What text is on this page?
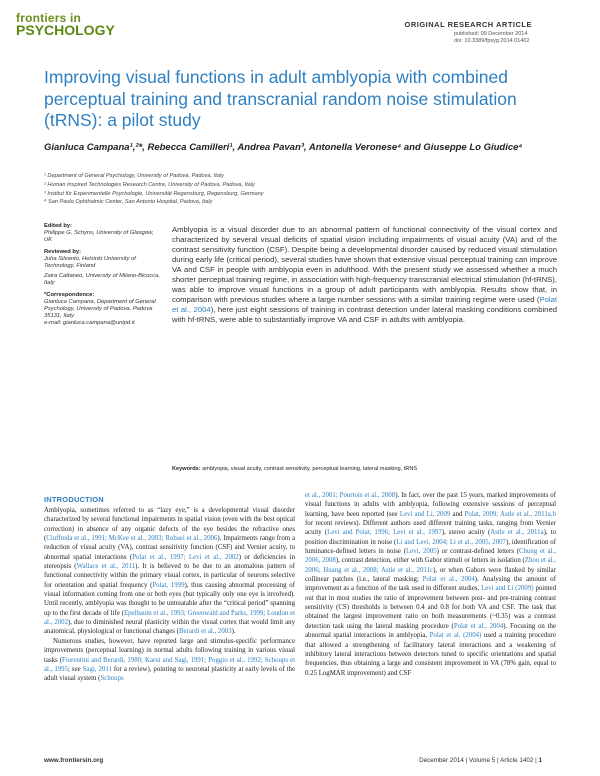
frontiers in
PSYCHOLOGY	ORIGINAL RESEARCH ARTICLE
published: 09 December 2014
doi: 10.3389/fpsyg.2014.01402
Improving visual functions in adult amblyopia with combined perceptual training and transcranial random noise stimulation (tRNS): a pilot study
Gianluca Campana¹,²*, Rebecca Camilleri¹, Andrea Pavan³, Antonella Veronese⁴ and Giuseppe Lo Giudice⁴
¹ Department of General Psychology, University of Padova, Padova, Italy
² Human Inspired Technologies Research Centre, University of Padova, Padova, Italy
³ Institut für Experimentelle Psychologie, Universität Regensburg, Regensburg, Germany
⁴ San Paolo Ophthalmic Center, San Antonio Hospital, Padova, Italy
Edited by:

Philippe G. Schyns, University of Glasgow, UK

Reviewed by:

Juha Silvanto, Helsinki University of Technology, Finland

Zaira Cattaneo, University of Milano-Bicocca, Italy

*Correspondence:

Gianluca Campana, Department of General Psychology, University of Padova, Padova 35131, Italy

e-mail: gianluca.campana@unipd.it

Amblyopia is a visual disorder due to an abnormal pattern of functional connectivity of the visual cortex and characterized by several visual deficits of spatial vision including impairments of visual acuity (VA) and of the contrast sensitivity function (CSF). Despite being a developmental disorder caused by reduced visual stimulation during early life (critical period), several studies have shown that extensive visual perceptual training can improve VA and CSF in people with amblyopia even in adulthood. With the present study we assessed whether a much shorter perceptual training regime, in association with high-frequency transcranial electrical stimulation (hf-tRNS), was able to improve visual functions in a group of adult participants with amblyopia. Results show that, in comparison with previous studies where a large number sessions with a similar training regime were used (Polat et al., 2004), here just eight sessions of training in contrast detection under lateral masking conditions combined with hf-tRNS, were able to substantially improve VA and CSF in adults with amblyopia.
Keywords: amblyopia, visual acuity, contrast sensitivity, perceptual learning, lateral masking, tRNS
INTRODUCTION

Amblyopia, sometimes referred to as “lazy eye,” is a developmental visual disorder characterized by several functional impairments in spatial vision (even with the best optical correction) in absence of any organic defects of the eye besides the refractive ones (Ciuffreda et al., 1991; McKee et al., 2003; Robaei et al., 2006). Impairments range from a reduction of visual acuity (VA), contrast sensitivity function (CSF) and Vernier acuity, to abnormal spatial interactions (Polat et al., 1997; Levi et al., 2002) or deficiencies in stereopsis (Wallace et al., 2011). It is believed to be due to an anomalous pattern of functional connectivity within the primary visual cortex, in particular of neurons selective for orientation and spatial frequency (Polat, 1999), thus causing abnormal processing of visual information coming from one or both eyes (but typically only one eye is involved). Until recently, amblyopia was thought to be untreatable after the “critical period” spanning up to the first decade of life (Epelbaum et al., 1993; Greenwald and Parks, 1999; Loudon et al., 2002), due to diminished neural plasticity within the visual cortex that would limit any anatomical, physiological or functional changes (Berardi et al., 2003).

Numerous studies, however, have reported large and stimulus-specific performance improvements (perceptual learning) in normal adults following training in various visual tasks (Fiorentini and Berardi, 1980; Karni and Sagi, 1991; Poggio et al., 1992; Schoups et al., 1995; see Sagi, 2011 for a review), pointing to neuronal plasticity at early levels of the adult visual system (Schoups

et al., 2001; Pourtois et al., 2008). In fact, over the past 15 years, marked improvements of visual functions in adults with amblyopia, following extensive sessions of perceptual learning, have been reported (see Levi and Li, 2009 and Polat, 2009; Astle et al., 2011a,b for recent reviews). Different authors used different training tasks, ranging from Vernier acuity (Levi and Polat, 1996; Levi et al., 1997), stereo acuity (Astle et al., 2011a), to position discrimination in noise (Li and Levi, 2004; Li et al., 2005, 2007), identification of luminance-defined letters in noise (Levi, 2005) or contrast-defined letters (Chung et al., 2006, 2008), contrast detection, either with Gabor stimuli or letters in isolation (Zhou et al., 2006; Huang et al., 2008; Astle et al., 2011c), or when Gabors were flanked by similar collinear patches (i.e., lateral masking; Polat et al., 2004). Analysing the amount of improvement as a function of the task used in different studies, Levi and Li (2009) pointed out that in most studies the ratio of improvement between post- and pre-training contrast sensitivity (CS) thresholds is between 0.4 and 0.8 for both VA and CSF. The task that obtained the largest improvement ratio on both measurements (~0.35) was a contrast detection task using the lateral masking procedure (Polat et al., 2004). Focusing on the abnormal spatial interactions in amblyopia, Polat et al. (2004) used a training procedure that allowed a strengthening of facilitatory lateral interactions and a weakening of inhibitory lateral interactions between detectors tuned to specific orientations and spatial frequencies, thus obtaining a large and consistent improvement in VA (78% gain, equal to 0.25 LogMAR improvement) and CSF

www.frontiersin.org	December 2014 | Volume 5 | Article 1402 | 1
